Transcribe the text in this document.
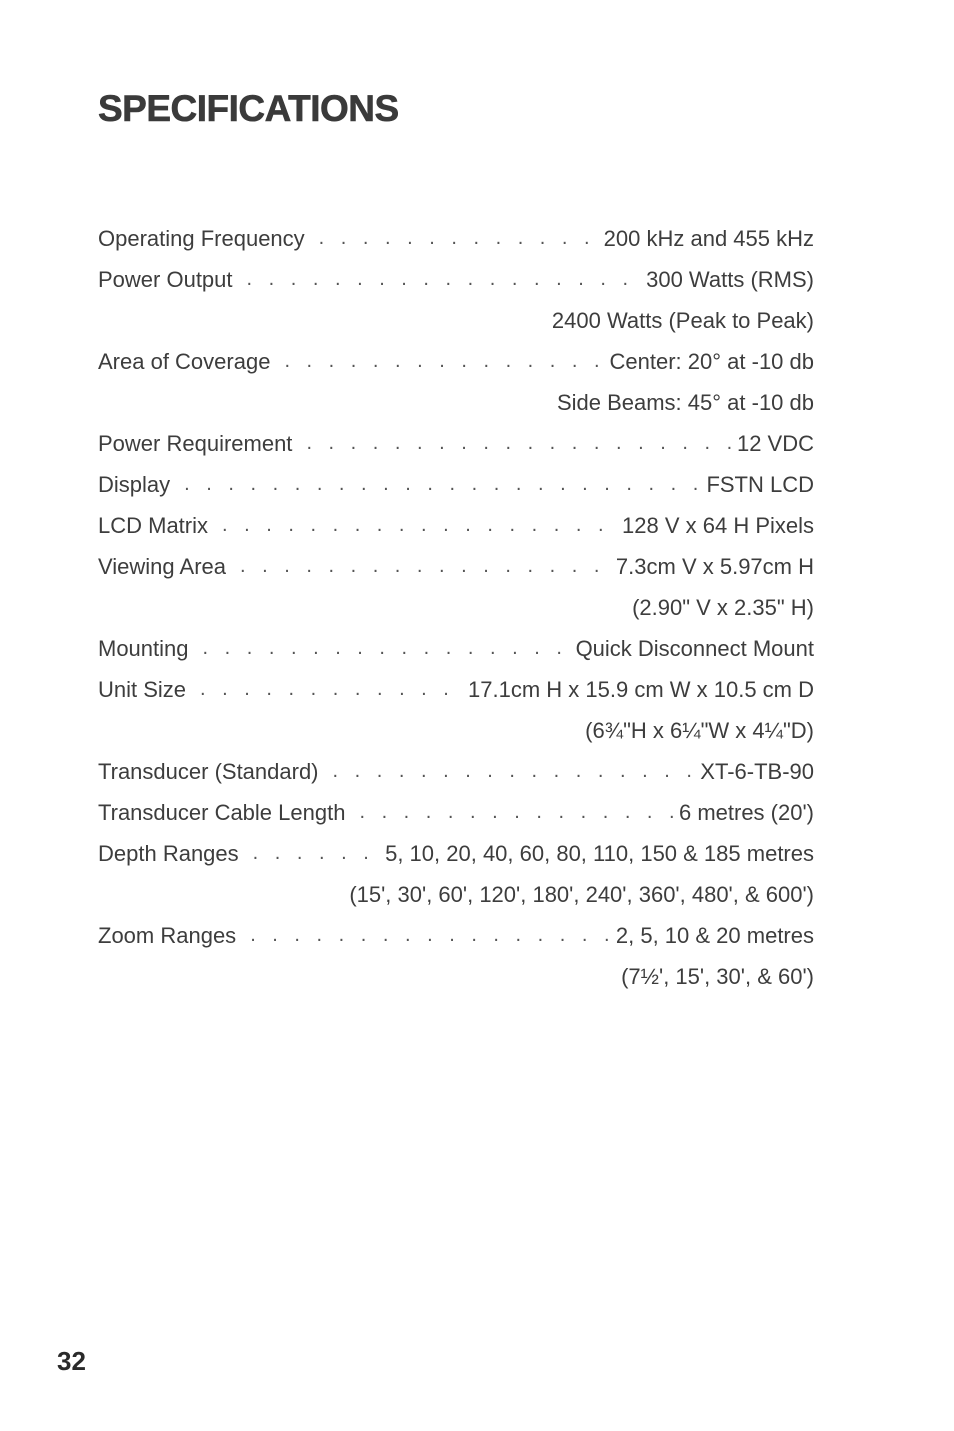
SPECIFICATIONS
Operating Frequency . . .	200 kHz and 455 kHz
Power Output . . .	300 Watts (RMS)
2400 Watts (Peak to Peak)
Area of Coverage . . .	Center: 20° at -10 db
Side Beams: 45° at -10 db
Power Requirement . . .	12 VDC
Display . . .	FSTN LCD
LCD Matrix . . .	128 V x 64 H Pixels
Viewing Area . . .	7.3cm V x 5.97cm H
(2.90" V x 2.35" H)
Mounting . . .	Quick Disconnect Mount
Unit Size . . .	17.1cm H x 15.9 cm W x 10.5 cm D
(6¾"H x 6¼"W x 4¼"D)
Transducer (Standard) . . .	XT-6-TB-90
Transducer Cable Length . . .	6 metres (20')
Depth Ranges . . .	5, 10, 20, 40, 60, 80, 110, 150 & 185 metres
(15', 30', 60', 120', 180', 240', 360', 480', & 600')
Zoom Ranges . . .	2, 5, 10 & 20 metres
(7½', 15', 30', & 60')
32
